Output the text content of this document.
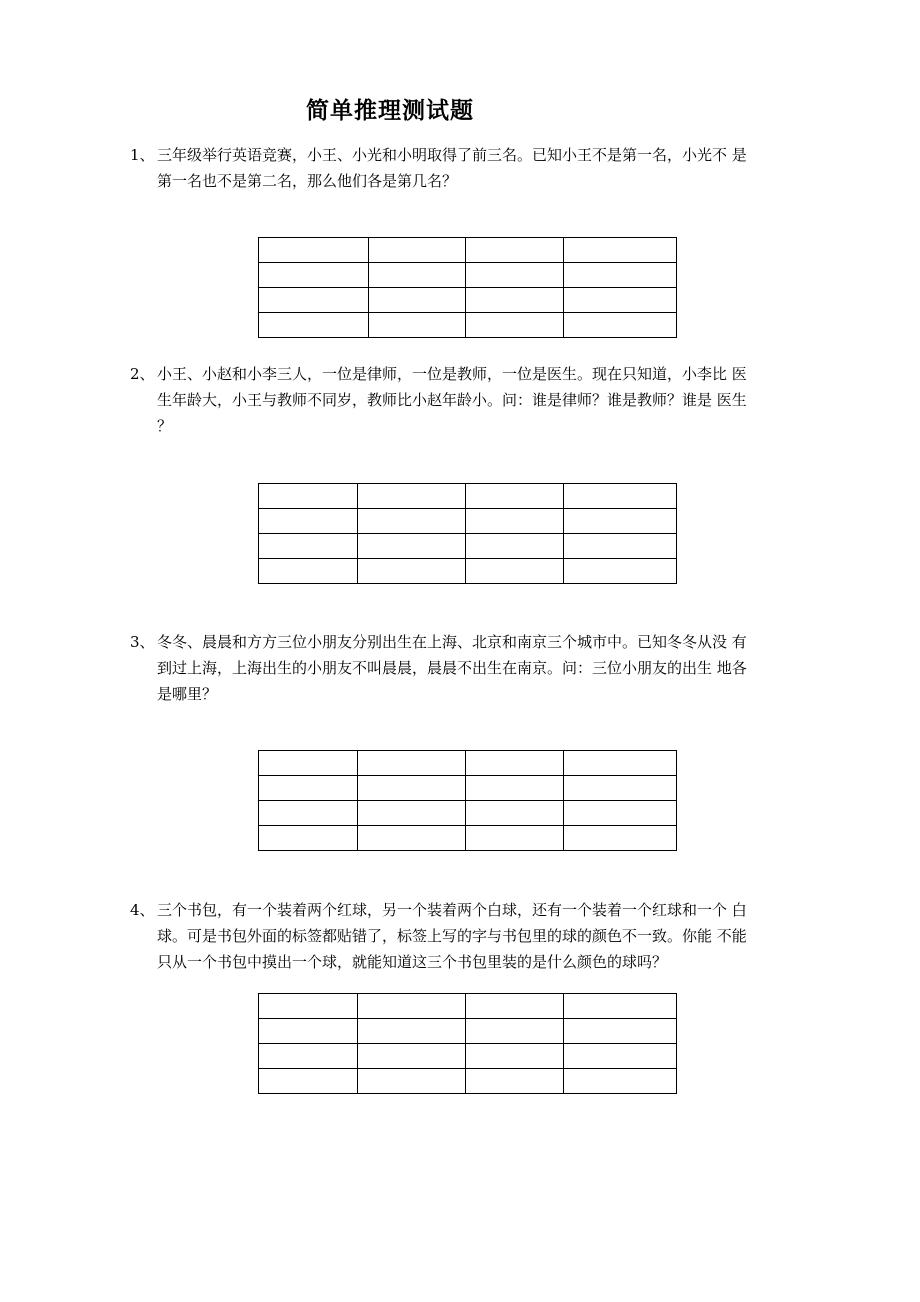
简单推理测试题
1、 三年级举行英语竞赛，小王、小光和小明取得了前三名。已知小王不是第一名，小光不 是
第一名也不是第二名，那么他们各是第几名？

2、 小王、小赵和小李三人，一位是律师，一位是教师，一位是医生。现在只知道，小李比 医
生年龄大，小王与教师不同岁，教师比小赵年龄小。问：谁是律师？谁是教师？谁是 医生
？

3、 冬冬、晨晨和方方三位小朋友分别出生在上海、北京和南京三个城市中。已知冬冬从没 有
到过上海，上海出生的小朋友不叫晨晨，晨晨不出生在南京。问：三位小朋友的出生 地各
是哪里？

4、 三个书包，有一个装着两个红球，另一个装着两个白球，还有一个装着一个红球和一个 白
球。可是书包外面的标签都贴错了，标签上写的字与书包里的球的颜色不一致。你能 不能
只从一个书包中摸出一个球，就能知道这三个书包里装的是什么颜色的球吗？
